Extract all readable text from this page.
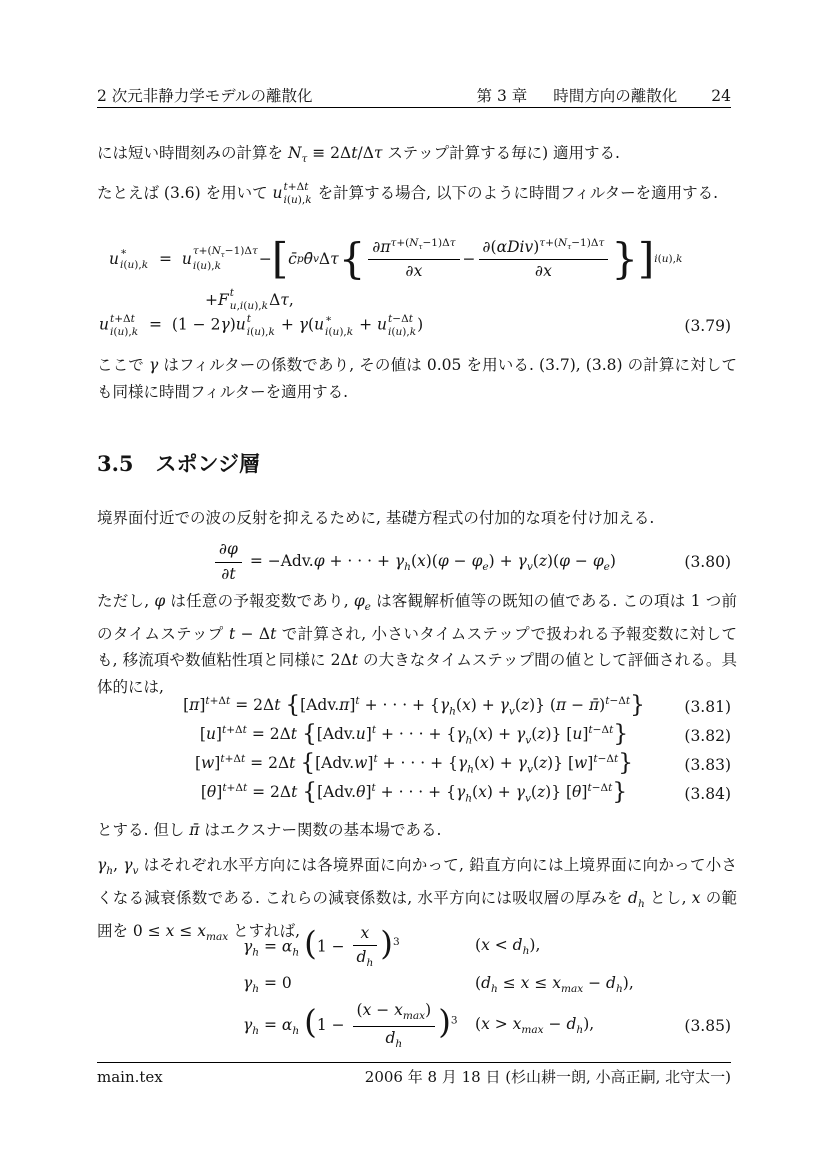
2 次元非静力学モデルの離散化	第 3 章 時間方向の離散化 24

には短い時間刻みの計算を $N_\tau \equiv 2\Delta t/\Delta\tau$ ステップ計算する毎に) 適用する.

たとえば (3.6) を用いて u t+Δt
i(u),k を計算する場合, 以下のように時間フィルターを適用する.

u ∗
i(u),k = u $\tau+(N_\tau-1)\Delta\tau$
i(u),k	− [ c̄ p θ̄ v Δ τ { $\frac{\partial\pi^{\tau+(N_\tau-1)\Delta\tau}}{\partial x} - \frac{\partial(\alpha Div)^{\tau+(N_\tau-1)\Delta\tau}}{\partial x}$ } ] i(u),k
+ F t
u,i(u),k Δ τ ,
u t+Δt
i(u),k =  (1 − 2γ)u t
i(u),k + γ(u ∗
i(u),k + u t−Δt
i(u),k )	(3.79)

ここで γ はフィルターの係数であり, その値は 0.05 を用いる. (3.7), (3.8) の計算に対しても同様に時間フィルターを適用する.

3.5 スポンジ層

境界面付近での波の反射を抑えるために, 基礎方程式の付加的な項を付け加える.

$\frac{\partial\varphi}{\partial t} = -Adv.\varphi$ + · · · + $\gamma_h(x)(\varphi - \varphi_e) + \gamma_v(z)(\varphi - \varphi_e)$	(3.80)

ただし, φ は任意の予報変数であり, $\varphi_e$ は客観解析値等の既知の値である. この項は 1 つ前のタイムステップ t − Δt で計算され, 小さいタイムステップで扱われる予報変数に対しても, 移流項や数値粘性項と同様に 2Δt の大きなタイムステップ間の値として評価される。具体的には,

$[\pi]^{t+\Delta t} = 2\Delta t$ {$[Adv.\pi]^t$ + · · · + $\{\gamma_h(x) + \gamma_v(z)\} (\pi$ − π̄)$^{t-\Delta t}$}	(3.81)
$[u]^{t+\Delta t} = 2\Delta t$ {$[Adv.u]^t$ + · · · + $\{\gamma_h(x) + \gamma_v(z)\}$ $[u]^{t-\Delta t}$}	(3.82)
$[w]^{t+\Delta t} = 2\Delta t$ {$[Adv.w]^t$ + · · · + $\{\gamma_h(x) + \gamma_v(z)\}$ $[w]^{t-\Delta t}$}	(3.83)
$[\theta]^{t+\Delta t} = 2\Delta t$ {$[Adv.\theta]^t$ + · · · + $\{\gamma_h(x) + \gamma_v(z)\}$ $[\theta]^{t-\Delta t}$}	(3.84)

とする. 但し π̄ はエクスナー関数の基本場である.

$\gamma_h$, $\gamma_v$ はそれぞれ水平方向には各境界面に向かって, 鉛直方向には上境界面に向かって小さくなる減衰係数である. これらの減衰係数は, 水平方向には吸収層の厚みを $d_h$ とし, x の範囲を $0 \le x \le x_{max}$ とすれば,

$\gamma_h = \alpha_h$ $(1 - \frac{x}{d_h} )^3$	$(x < d_h)$,
$\gamma_h = 0$	$(d_h \le x \le x_{max} - d_h)$,
$\gamma_h = \alpha_h$ $(1 - \frac{(x - x_{max})}{d_h} )^3$ $(x > x_{max} - d_h)$,	(3.85)
main.tex	2006 年 8 月 18 日 (杉山耕一朗, 小高正嗣, 北守太一)
